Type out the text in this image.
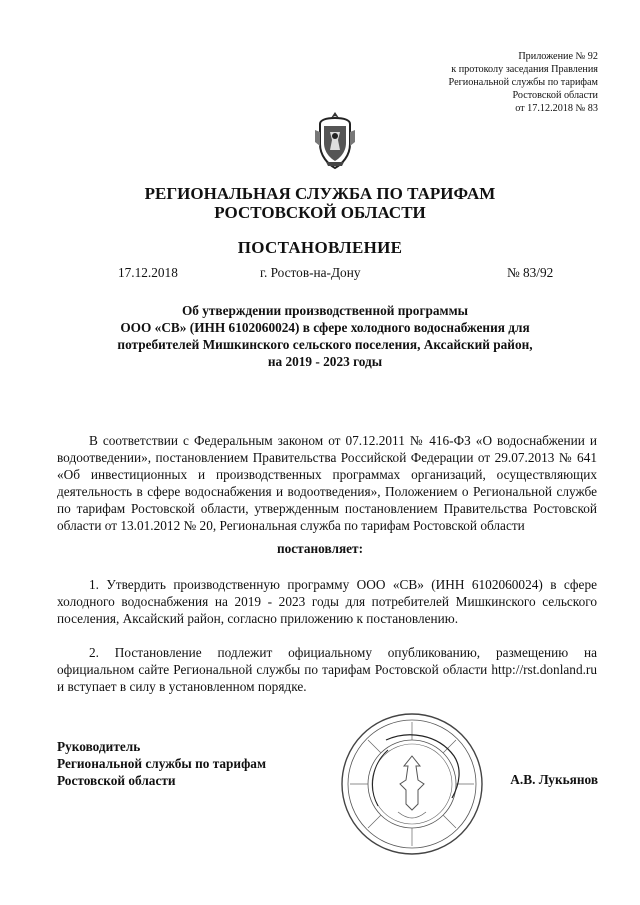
Приложение № 92
к протоколу заседания Правления
Региональной службы по тарифам
Ростовской области
от 17.12.2018 № 83
РЕГИОНАЛЬНАЯ СЛУЖБА ПО ТАРИФАМ
РОСТОВСКОЙ ОБЛАСТИ
ПОСТАНОВЛЕНИЕ
17.12.2018	г. Ростов-на-Дону	№ 83/92
Об утверждении производственной программы
ООО «СВ» (ИНН 6102060024) в сфере холодного водоснабжения для
потребителей Мишкинского сельского поселения, Аксайский район,
на 2019 - 2023 годы
В соответствии с Федеральным законом от 07.12.2011 № 416-ФЗ «О водоснабжении и водоотведении», постановлением Правительства Российской Федерации от 29.07.2013 № 641 «Об инвестиционных и производственных программах организаций, осуществляющих деятельность в сфере водоснабжения и водоотведения», Положением о Региональной службе по тарифам Ростовской области, утвержденным постановлением Правительства Ростовской области от 13.01.2012 № 20, Региональная служба по тарифам Ростовской области
постановляет:
1. Утвердить производственную программу ООО «СВ» (ИНН 6102060024) в сфере холодного водоснабжения на 2019 - 2023 годы для потребителей Мишкинского сельского поселения, Аксайский район, согласно приложению к постановлению.
2. Постановление подлежит официальному опубликованию, размещению на официальном сайте Региональной службы по тарифам Ростовской области http://rst.donland.ru и вступает в силу в установленном порядке.
Руководитель
Региональной службы по тарифам
Ростовской области	А.В. Лукьянов
